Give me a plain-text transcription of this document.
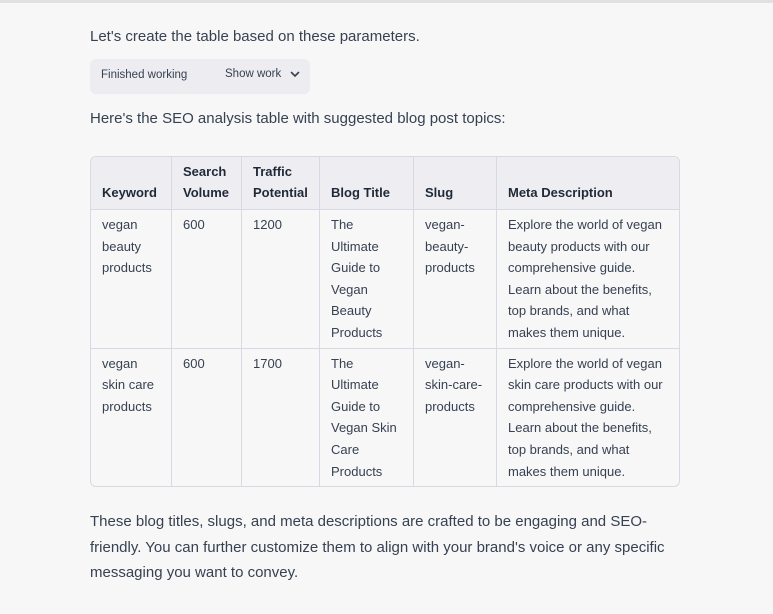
Let's create the table based on these parameters.

Finished working	Show work

Here's the SEO analysis table with suggested blog post topics:

Keyword	Search Volume	Traffic Potential	Blog Title	Slug	Meta Description
vegan beauty products	600	1200	The Ultimate Guide to Vegan Beauty Products	vegan-beauty-products	Explore the world of vegan beauty products with our comprehensive guide. Learn about the benefits, top brands, and what makes them unique.
vegan skin care products	600	1700	The Ultimate Guide to Vegan Skin Care Products	vegan-skin-care-products	Explore the world of vegan skin care products with our comprehensive guide. Learn about the benefits, top brands, and what makes them unique.

These blog titles, slugs, and meta descriptions are crafted to be engaging and SEO-friendly. You can further customize them to align with your brand's voice or any specific messaging you want to convey.
